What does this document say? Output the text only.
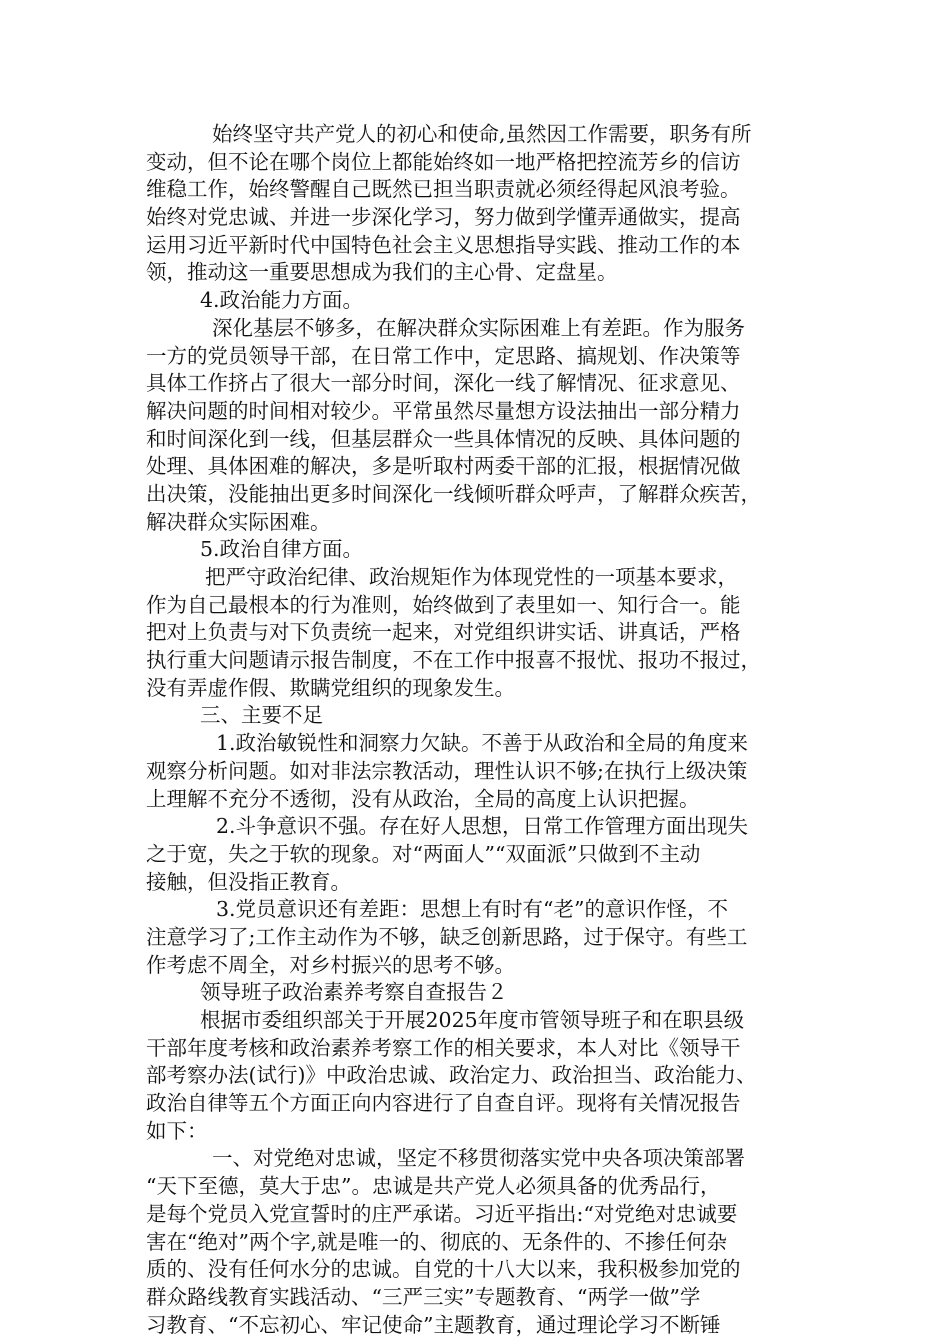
始终坚守共产党人的初心和使命,虽然因工作需要，职务有所
变动，但不论在哪个岗位上都能始终如一地严格把控流芳乡的信访
维稳工作，始终警醒自己既然已担当职责就必须经得起风浪考验。
始终对党忠诚、并进一步深化学习，努力做到学懂弄通做实，提高
运用习近平新时代中国特色社会主义思想指导实践、推动工作的本
领，推动这一重要思想成为我们的主心骨、定盘星。
4.政治能力方面。
深化基层不够多，在解决群众实际困难上有差距。作为服务
一方的党员领导干部，在日常工作中，定思路、搞规划、作决策等
具体工作挤占了很大一部分时间，深化一线了解情况、征求意见、
解决问题的时间相对较少。平常虽然尽量想方设法抽出一部分精力
和时间深化到一线，但基层群众一些具体情况的反映、具体问题的
处理、具体困难的解决，多是听取村两委干部的汇报，根据情况做
出决策，没能抽出更多时间深化一线倾听群众呼声，了解群众疾苦，
解决群众实际困难。
5.政治自律方面。
把严守政治纪律、政治规矩作为体现党性的一项基本要求，
作为自己最根本的行为准则，始终做到了表里如一、知行合一。能
把对上负责与对下负责统一起来，对党组织讲实话、讲真话，严格
执行重大问题请示报告制度，不在工作中报喜不报忧、报功不报过，
没有弄虚作假、欺瞒党组织的现象发生。
三、主要不足
1.政治敏锐性和洞察力欠缺。不善于从政治和全局的角度来
观察分析问题。如对非法宗教活动，理性认识不够;在执行上级决策
上理解不充分不透彻，没有从政治，全局的高度上认识把握。
2.斗争意识不强。存在好人思想，日常工作管理方面出现失
之于宽，失之于软的现象。对“两面人”“双面派”只做到不主动
接触，但没指正教育。
3.党员意识还有差距：思想上有时有“老”的意识作怪，不
注意学习了;工作主动作为不够，缺乏创新思路，过于保守。有些工
作考虑不周全，对乡村振兴的思考不够。
领导班子政治素养考察自查报告２
根据市委组织部关于开展2025年度市管领导班子和在职县级
干部年度考核和政治素养考察工作的相关要求，本人对比《领导干
部考察办法(试行)》中政治忠诚、政治定力、政治担当、政治能力、
政治自律等五个方面正向内容进行了自查自评。现将有关情况报告
如下：
一、对党绝对忠诚，坚定不移贯彻落实党中央各项决策部署
“天下至德，莫大于忠”。忠诚是共产党人必须具备的优秀品行，
是每个党员入党宣誓时的庄严承诺。习近平指出:“对党绝对忠诚要
害在“绝对”两个字,就是唯一的、彻底的、无条件的、不掺任何杂
质的、没有任何水分的忠诚。自党的十八大以来，我积极参加党的
群众路线教育实践活动、“三严三实”专题教育、“两学一做”学
习教育、“不忘初心、牢记使命”主题教育，通过理论学习不断锤
